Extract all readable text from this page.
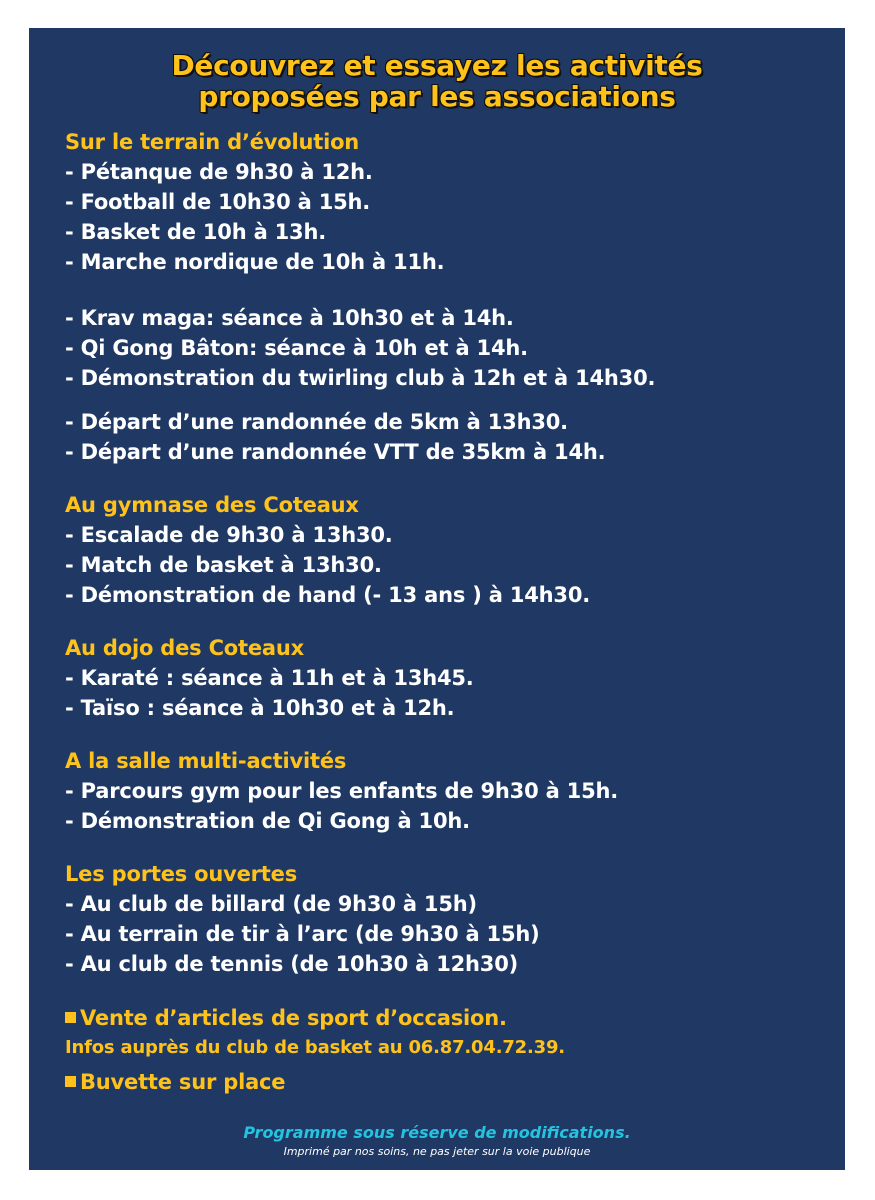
Découvrez et essayez les activités
proposées par les associations
Sur le terrain d’évolution
- Pétanque de 9h30 à 12h.
- Football de 10h30 à 15h.
- Basket de 10h à 13h.
- Marche nordique de 10h à 11h.
- Krav maga: séance à 10h30 et à 14h.
- Qi Gong Bâton: séance à 10h et à 14h.
- Démonstration du twirling club à 12h et à 14h30.
- Départ d’une randonnée de 5km à 13h30.
- Départ d’une randonnée VTT de 35km à 14h.
Au gymnase des Coteaux
- Escalade de 9h30 à 13h30.
- Match de basket à 13h30.
- Démonstration de hand (- 13 ans ) à 14h30.
Au dojo des Coteaux
- Karaté : séance à 11h et à 13h45.
- Taïso : séance à 10h30 et à 12h.
A la salle multi-activités
- Parcours gym pour les enfants de 9h30 à 15h.
- Démonstration de Qi Gong à 10h.
Les portes ouvertes
- Au club de billard (de 9h30 à 15h)
- Au terrain de tir à l’arc (de 9h30 à 15h)
- Au club de tennis (de 10h30 à 12h30)
Vente d’articles de sport d’occasion.
Infos auprès du club de basket au 06.87.04.72.39.
Buvette sur place
Programme sous réserve de modifications.
Imprimé par nos soins, ne pas jeter sur la voie publique
